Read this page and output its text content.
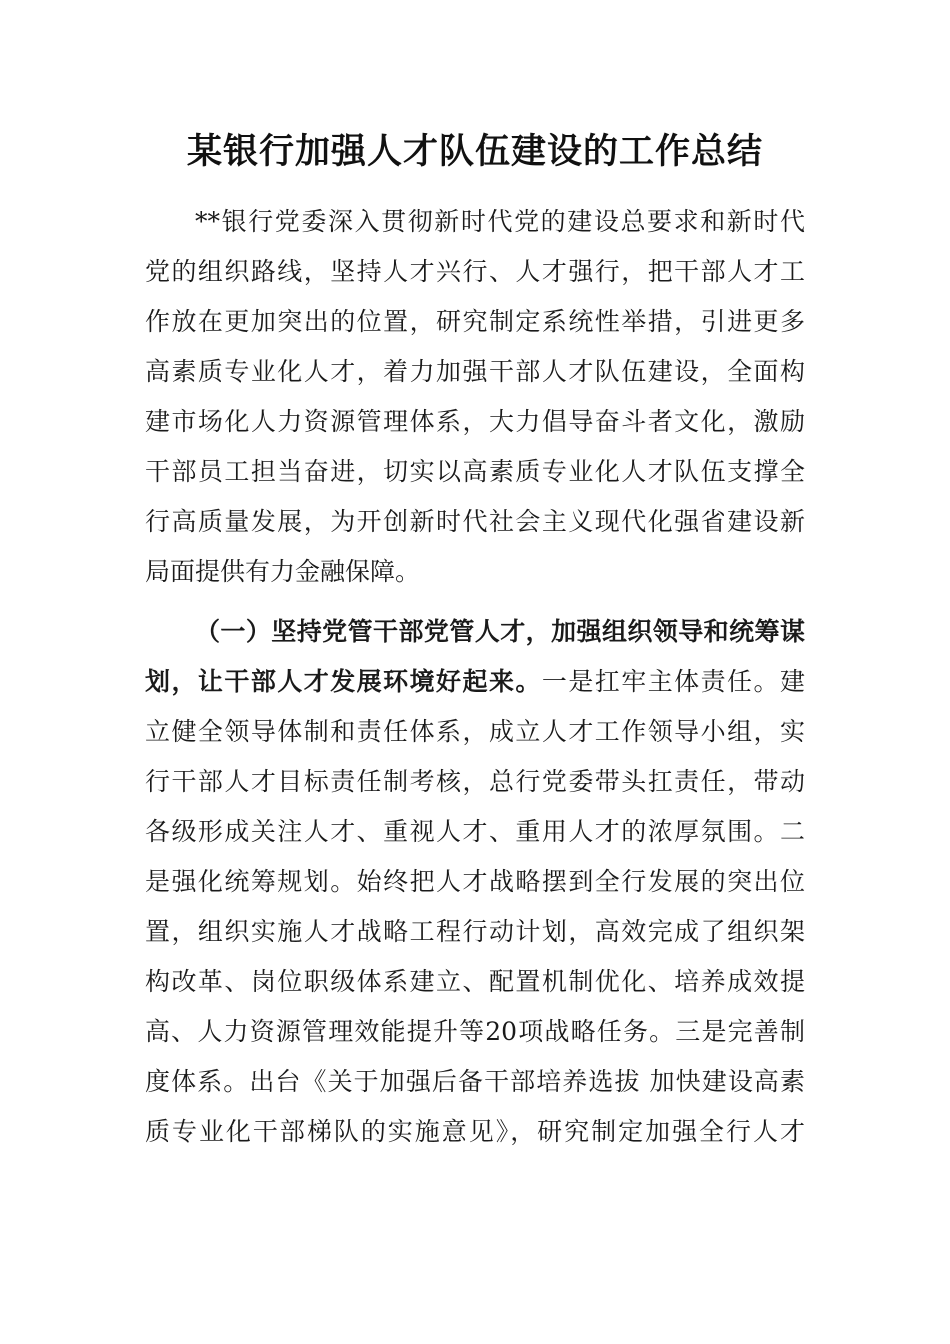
某银行加强人才队伍建设的工作总结
**银行党委深入贯彻新时代党的建设总要求和新时代
党的组织路线，坚持人才兴行、人才强行，把干部人才工
作放在更加突出的位置，研究制定系统性举措，引进更多
高素质专业化人才，着力加强干部人才队伍建设，全面构
建市场化人力资源管理体系，大力倡导奋斗者文化，激励
干部员工担当奋进，切实以高素质专业化人才队伍支撑全
行高质量发展，为开创新时代社会主义现代化强省建设新
局面提供有力金融保障。
（一）坚持党管干部党管人才，加强组织领导和统筹谋
划，让干部人才发展环境好起来。一是扛牢主体责任。建
立健全领导体制和责任体系，成立人才工作领导小组，实
行干部人才目标责任制考核，总行党委带头扛责任，带动
各级形成关注人才、重视人才、重用人才的浓厚氛围。二
是强化统筹规划。始终把人才战略摆到全行发展的突出位
置，组织实施人才战略工程行动计划，高效完成了组织架
构改革、岗位职级体系建立、配置机制优化、培养成效提
高、人力资源管理效能提升等20项战略任务。三是完善制
度体系。出台《关于加强后备干部培养选拔 加快建设高素
质专业化干部梯队的实施意见》，研究制定加强全行人才
